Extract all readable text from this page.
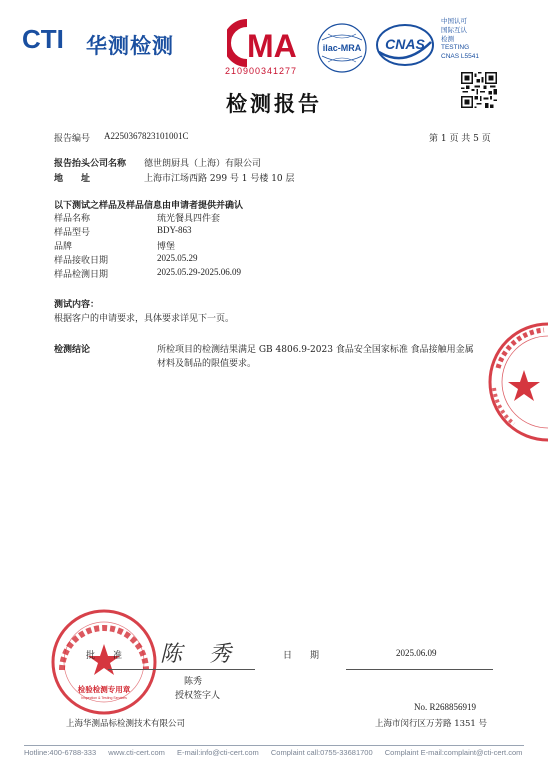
CTI 华测检测 MA
210900341277
ilac-MRA CNAS
中国认可
国际互认
检测
TESTING
CNAS L5541
检测报告
报告编号 A2250367823101001C	第 1 页 共 5 页
报告抬头公司名称 德世朗厨具（上海）有限公司
地　　址	上海市江场西路 299 号 1 号楼 10 层
以下测试之样品及样品信息由申请者提供并确认
样品名称	琉光餐具四件套
样品型号	BDY-863
品牌	博堡
样品接收日期	2025.05.29
样品检测日期	2025.05.29-2025.06.09
测试内容：
根据客户的申请要求，具体要求详见下一页。
检测结论	所检项目的检测结果满足 GB 4806.9-2023 食品安全国家标准 食品接触用金属
材料及制品的限值要求。
检验检测专用章
Inspection & Testing Services
批　　准 陈 秀	日　　期	2025.06.09
陈秀
授权签字人
No. R268856919
上海华测品标检测技术有限公司	上海市闵行区万芳路 1351 号
Hotline:400-6788-333 www.cti-cert.com E-mail:info@cti-cert.com Complaint call:0755-33681700 Complaint E-mail:complaint@cti-cert.com
